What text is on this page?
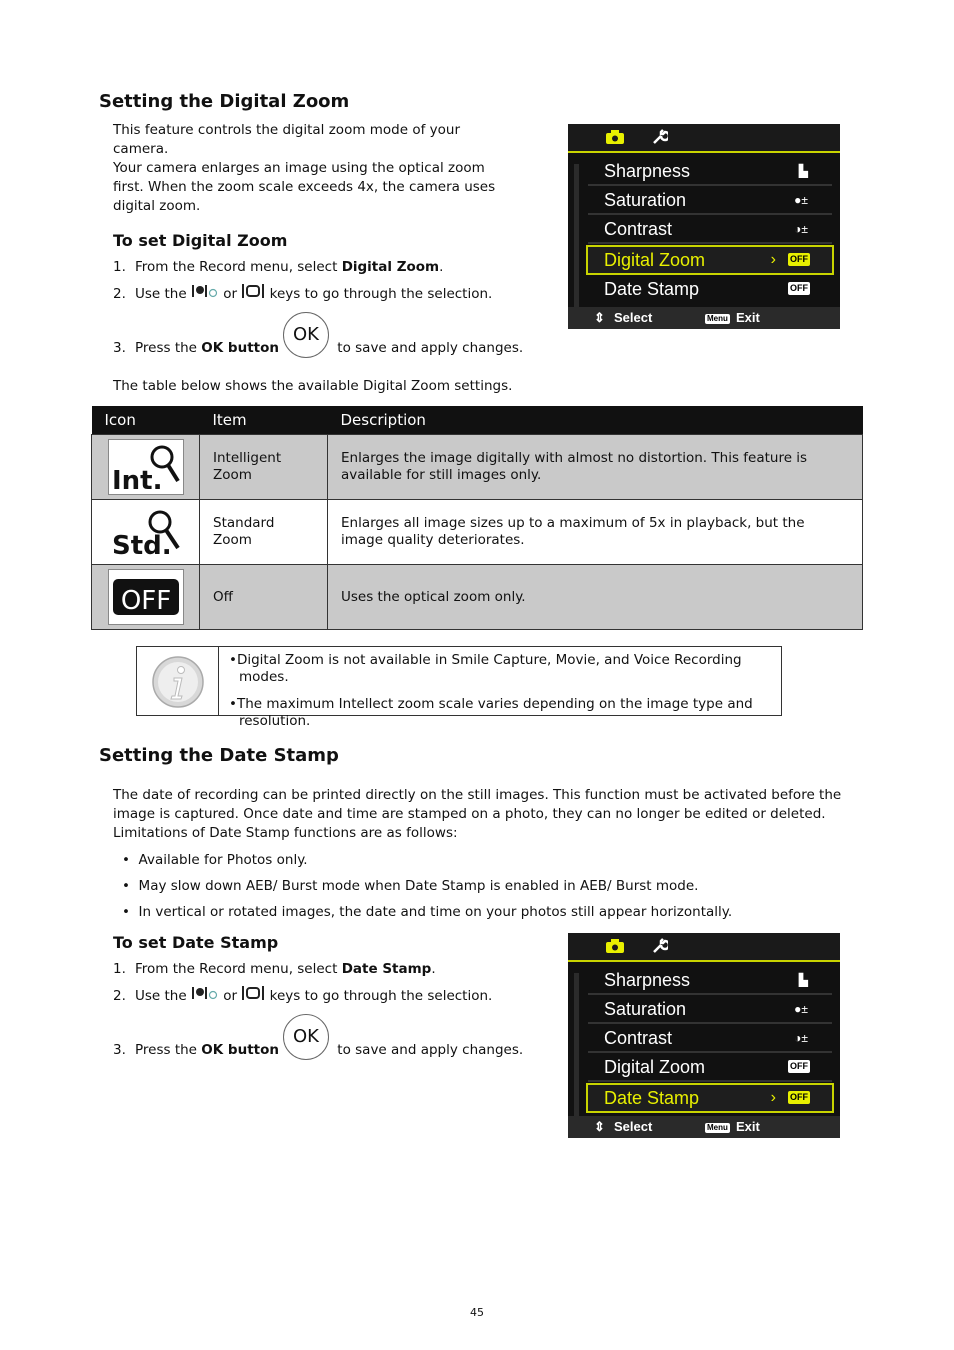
Setting the Digital Zoom
This feature controls the digital zoom mode of your camera.
Your camera enlarges an image using the optical zoom first. When the zoom scale exceeds 4x, the camera uses digital zoom.
To set Digital Zoom
1. From the Record menu, select Digital Zoom.
2. Use the  or  keys to go through the selection.
3. Press the OK buttonOK to save and apply changes.
The table below shows the available Digital Zoom settings.
Sharpness	▙
Saturation	●±
Contrast	◑±
Digital Zoom	› OFF
Date Stamp	OFF
⇕ Select	Menu Exit
Icon	Item	Description

Int.	Intelligent Zoom	Enlarges the image digitally with almost no distortion. This feature is available for still images only.

Std.	Standard Zoom	Enlarges all image sizes up to a maximum of 5x in playback, but the image quality deteriorates.

OFF	Off	Uses the optical zoom only.
•Digital Zoom is not available in Smile Capture, Movie, and Voice Recording modes.
•The maximum Intellect zoom scale varies depending on the image type and resolution.
Setting the Date Stamp
The date of recording can be printed directly on the still images. This function must be activated before the image is captured. Once date and time are stamped on a photo, they can no longer be edited or deleted.
Limitations of Date Stamp functions are as follows:
•  Available for Photos only.
•  May slow down AEB/ Burst mode when Date Stamp is enabled in AEB/ Burst mode.
•  In vertical or rotated images, the date and time on your photos still appear horizontally.
To set Date Stamp
1. From the Record menu, select Date Stamp.
2. Use the  or  keys to go through the selection.
3. Press the OK buttonOK to save and apply changes.
Sharpness	▙
Saturation	●±
Contrast	◑±
Digital Zoom	OFF
Date Stamp	› OFF
⇕ Select	Menu Exit
45
